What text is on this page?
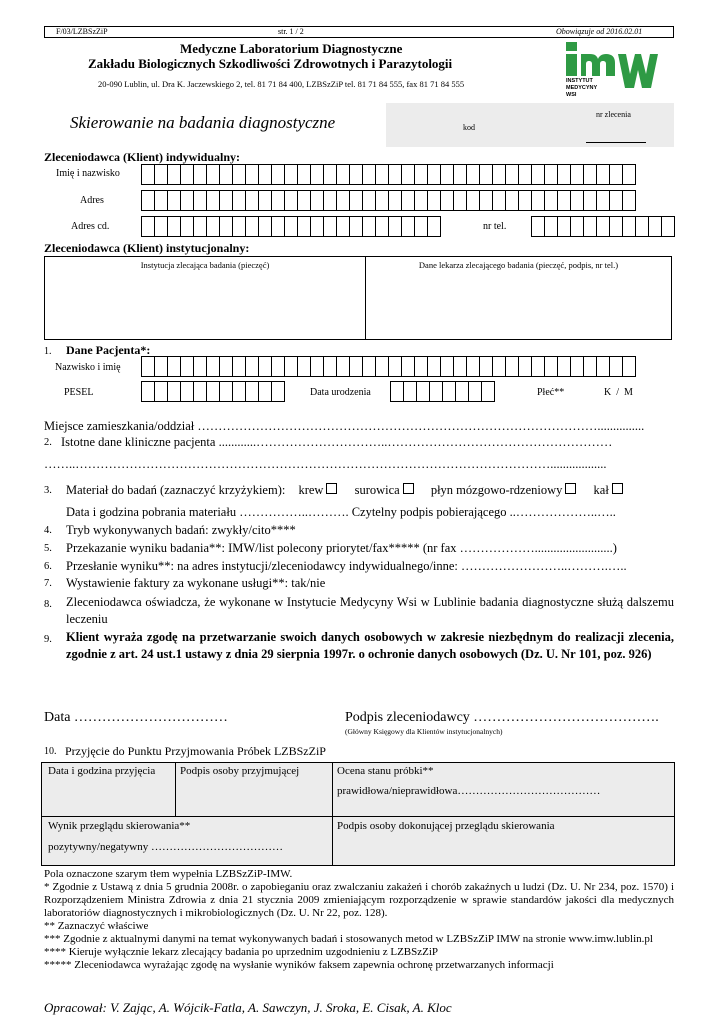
F/03/LZBSzZiP	str. 1 / 2	Obowiązuje od 2016.02.01
Medyczne Laboratorium Diagnostyczne
Zakładu Biologicznych Szkodliwości Zdrowotnych i Parazytologii
20-090 Lublin, ul. Dra K. Jaczewskiego 2, tel. 81 71 84 400, LZBSzZiP tel. 81 71 84 555, fax 81 71 84 555	INSTYTUT
MEDYCYNY
WSI
Skierowanie na badania diagnostyczne	kod
nr zlecenia
Zleceniodawca (Klient) indywidualny:
Imię i nazwisko
Adres
Adres cd.	nr tel.
Zleceniodawca (Klient) instytucjonalny:
Instytucja zlecająca badania (pieczęć)	Dane lekarza zlecającego badania (pieczęć, podpis, nr tel.)
1. Dane Pacjenta*:
Nazwisko i imię
PESEL	Data urodzenia	Płeć**	K  /  M
Miejsce zamieszkania/oddział ……………………………………………………………………………………...............
2. Istotne dane kliniczne pacjenta ............…………………………..………………………………………………
……..……………………………………………………………………………………………………..................
3. Materiał do badań (zaznaczyć krzyżykiem): krew surowica płyn mózgowo-rdzeniowy kał
Data i godzina pobrania materiału ……………..………. Czytelny podpis pobierającego ..………………..…..
4. Tryb wykonywanych badań: zwykły/cito****
5. Przekazanie wyniku badania**: IMW/list polecony priorytet/fax***** (nr fax ……………….........................)
6. Przesłanie wyniku**: na adres instytucji/zleceniodawcy indywidualnego/inne: ……………………..……….…..
7. Wystawienie faktury za wykonane usługi**: tak/nie
8. Zleceniodawca oświadcza, że wykonane w Instytucie Medycyny Wsi w Lublinie badania diagnostyczne służą dalszemu leczeniu
9. Klient wyraża zgodę na przetwarzanie swoich danych osobowych w zakresie niezbędnym do realizacji zlecenia, zgodnie z art. 24 ust.1 ustawy z dnia 29 sierpnia 1997r. o ochronie danych osobowych (Dz. U. Nr 101, poz. 926)
Data ……………………………	Podpis zleceniodawcy ………………………………….
(Główny Księgowy dla Klientów instytucjonalnych)
10. Przyjęcie do Punktu Przyjmowania Próbek LZBSzZiP
Data i godzina przyjęcia	Podpis osoby przyjmującej	Ocena stanu próbki**
prawidłowa/nieprawidłowa…………………………………
Wynik przeglądu skierowania**
pozytywny/negatywny ………………………………
Podpis osoby dokonującej przeglądu skierowania
Pola oznaczone szarym tłem wypełnia LZBSzZiP-IMW.
* Zgodnie z Ustawą z dnia 5 grudnia 2008r. o zapobieganiu oraz zwalczaniu zakażeń i chorób zakaźnych u ludzi (Dz. U. Nr 234, poz. 1570) i Rozporządzeniem Ministra Zdrowia z dnia 21 stycznia 2009 zmieniającym rozporządzenie w sprawie standardów jakości dla medycznych laboratoriów diagnostycznych i mikrobiologicznych (Dz. U. Nr 22, poz. 128).
** Zaznaczyć właściwe
*** Zgodnie z aktualnymi danymi na temat wykonywanych badań i stosowanych metod w LZBSzZiP IMW na stronie www.imw.lublin.pl
**** Kieruje wyłącznie lekarz zlecający badania po uprzednim uzgodnieniu z LZBSzZiP
***** Zleceniodawca wyrażając zgodę na wysłanie wyników faksem zapewnia ochronę przetwarzanych informacji
Opracował: V. Zając, A. Wójcik-Fatla, A. Sawczyn, J. Sroka, E. Cisak, A. Kloc
